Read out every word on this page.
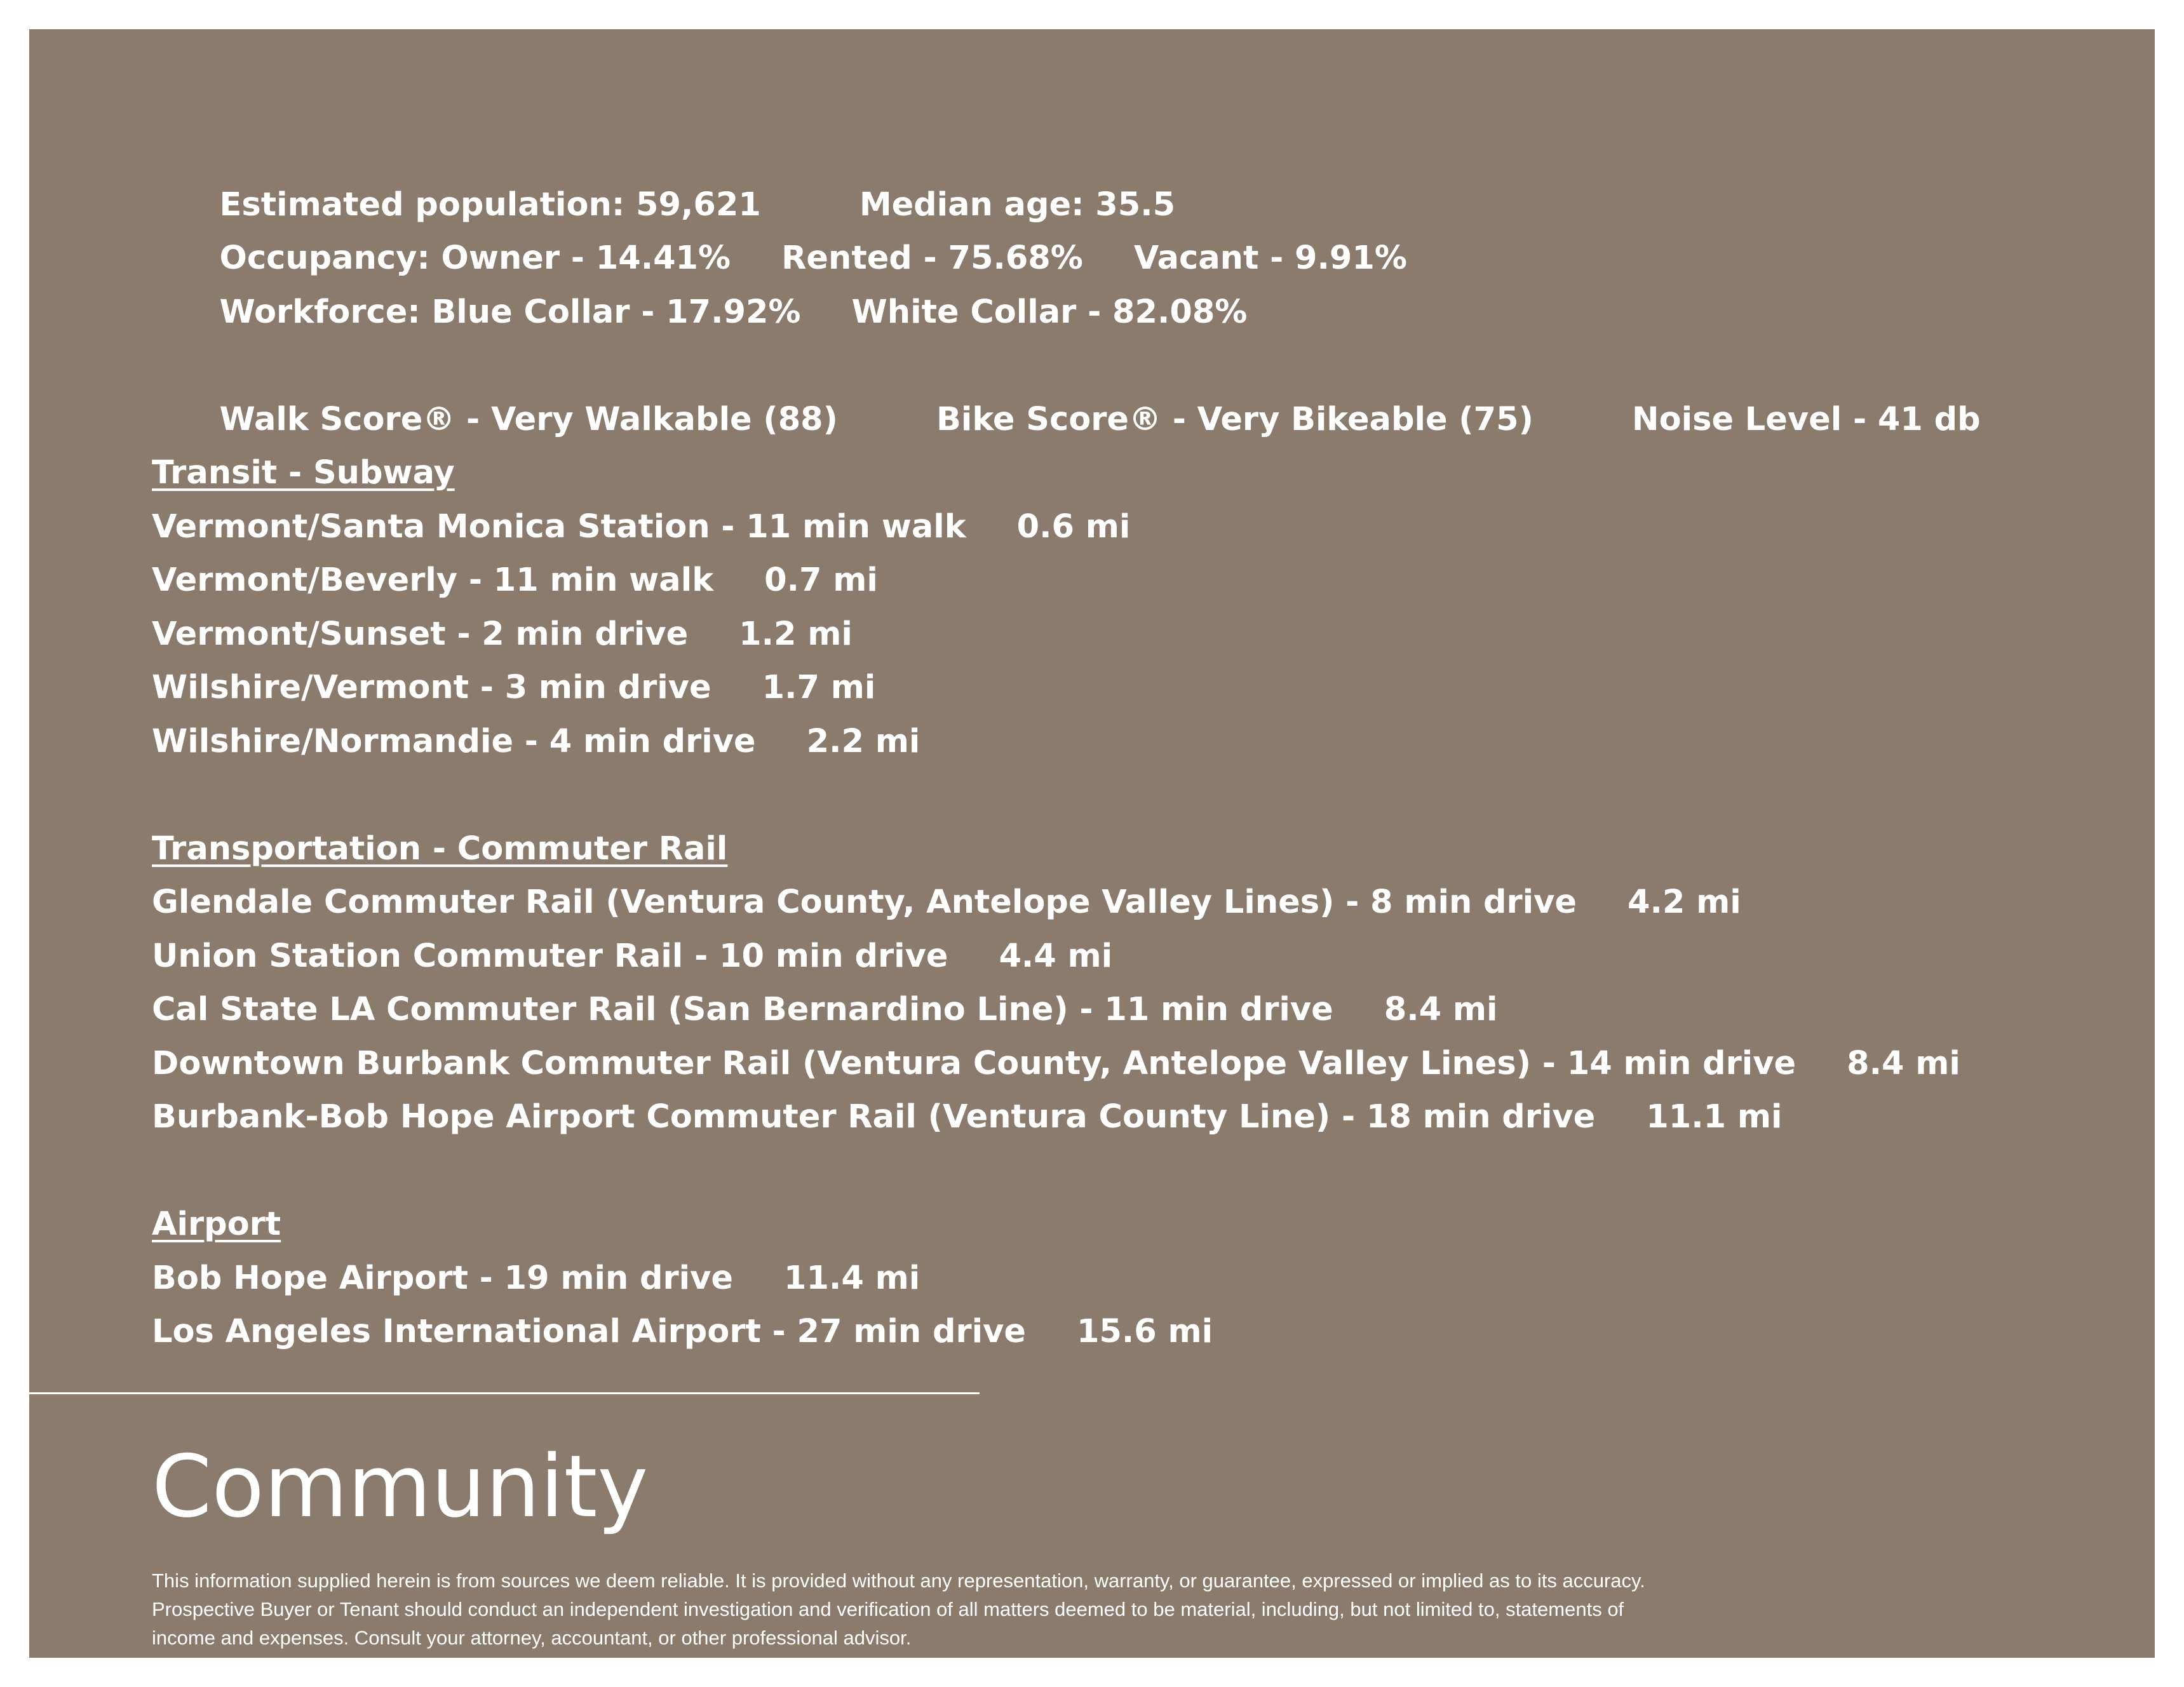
Estimated population: 59,621	Median age: 35.5

Occupancy: Owner - 14.41% Rented - 75.68% Vacant - 9.91%

Workforce: Blue Collar - 17.92% White Collar - 82.08%

Walk Score® - Very Walkable (88)	Bike Score® - Very Bikeable (75)	Noise Level - 41 db

Transit - Subway
Vermont/Santa Monica Station - 11 min walk 0.6 mi
Vermont/Beverly - 11 min walk 0.7 mi
Vermont/Sunset - 2 min drive 1.2 mi
Wilshire/Vermont - 3 min drive 1.7 mi
Wilshire/Normandie - 4 min drive 2.2 mi
Transportation - Commuter Rail
Glendale Commuter Rail (Ventura County, Antelope Valley Lines) - 8 min drive 4.2 mi
Union Station Commuter Rail - 10 min drive 4.4 mi
Cal State LA Commuter Rail (San Bernardino Line) - 11 min drive 8.4 mi
Downtown Burbank Commuter Rail (Ventura County, Antelope Valley Lines) - 14 min drive 8.4 mi
Burbank-Bob Hope Airport Commuter Rail (Ventura County Line) - 18 min drive 11.1 mi
Airport
Bob Hope Airport - 19 min drive 11.4 mi
Los Angeles International Airport - 27 min drive 15.6 mi
Community
This information supplied herein is from sources we deem reliable. It is provided without any representation, warranty, or guarantee, expressed or implied as to its accuracy.
Prospective Buyer or Tenant should conduct an independent investigation and verification of all matters deemed to be material, including, but not limited to, statements of
income and expenses. Consult your attorney, accountant, or other professional advisor.
